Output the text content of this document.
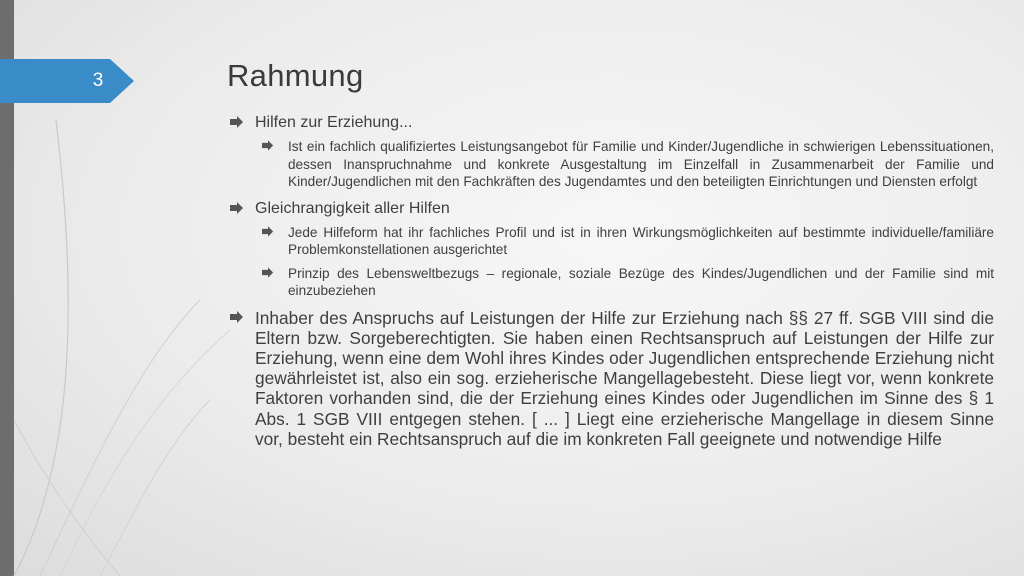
3	Rahmung
Hilfen zur Erziehung...
Ist ein fachlich qualifiziertes Leistungsangebot für Familie und Kinder/Jugendliche in schwierigen Lebenssituationen, dessen Inanspruchnahme und konkrete Ausgestaltung im Einzelfall in Zusammenarbeit der Familie und Kinder/Jugendlichen mit den Fachkräften des Jugendamtes und den beteiligten Einrichtungen und Diensten erfolgt
Gleichrangigkeit aller Hilfen
Jede Hilfeform hat ihr fachliches Profil und ist in ihren Wirkungsmöglichkeiten auf bestimmte individuelle/familiäre Problemkonstellationen ausgerichtet
Prinzip des Lebensweltbezugs – regionale, soziale Bezüge des Kindes/Jugendlichen und der Familie sind mit einzubeziehen
Inhaber des Anspruchs auf Leistungen der Hilfe zur Erziehung nach §§ 27 ff. SGB VIII sind die Eltern bzw. Sorgeberechtigten. Sie haben einen Rechtsanspruch auf Leistungen der Hilfe zur Erziehung, wenn eine dem Wohl ihres Kindes oder Jugendlichen entsprechende Erziehung nicht gewährleistet ist, also ein sog. erzieherische Mangellagebesteht. Diese liegt vor, wenn konkrete Faktoren vorhanden sind, die der Erziehung eines Kindes oder Jugendlichen im Sinne des § 1 Abs. 1 SGB VIII entgegen stehen. [ ... ] Liegt eine erzieherische Mangellage in diesem Sinne vor, besteht ein Rechtsanspruch auf die im konkreten Fall geeignete und notwendige Hilfe
